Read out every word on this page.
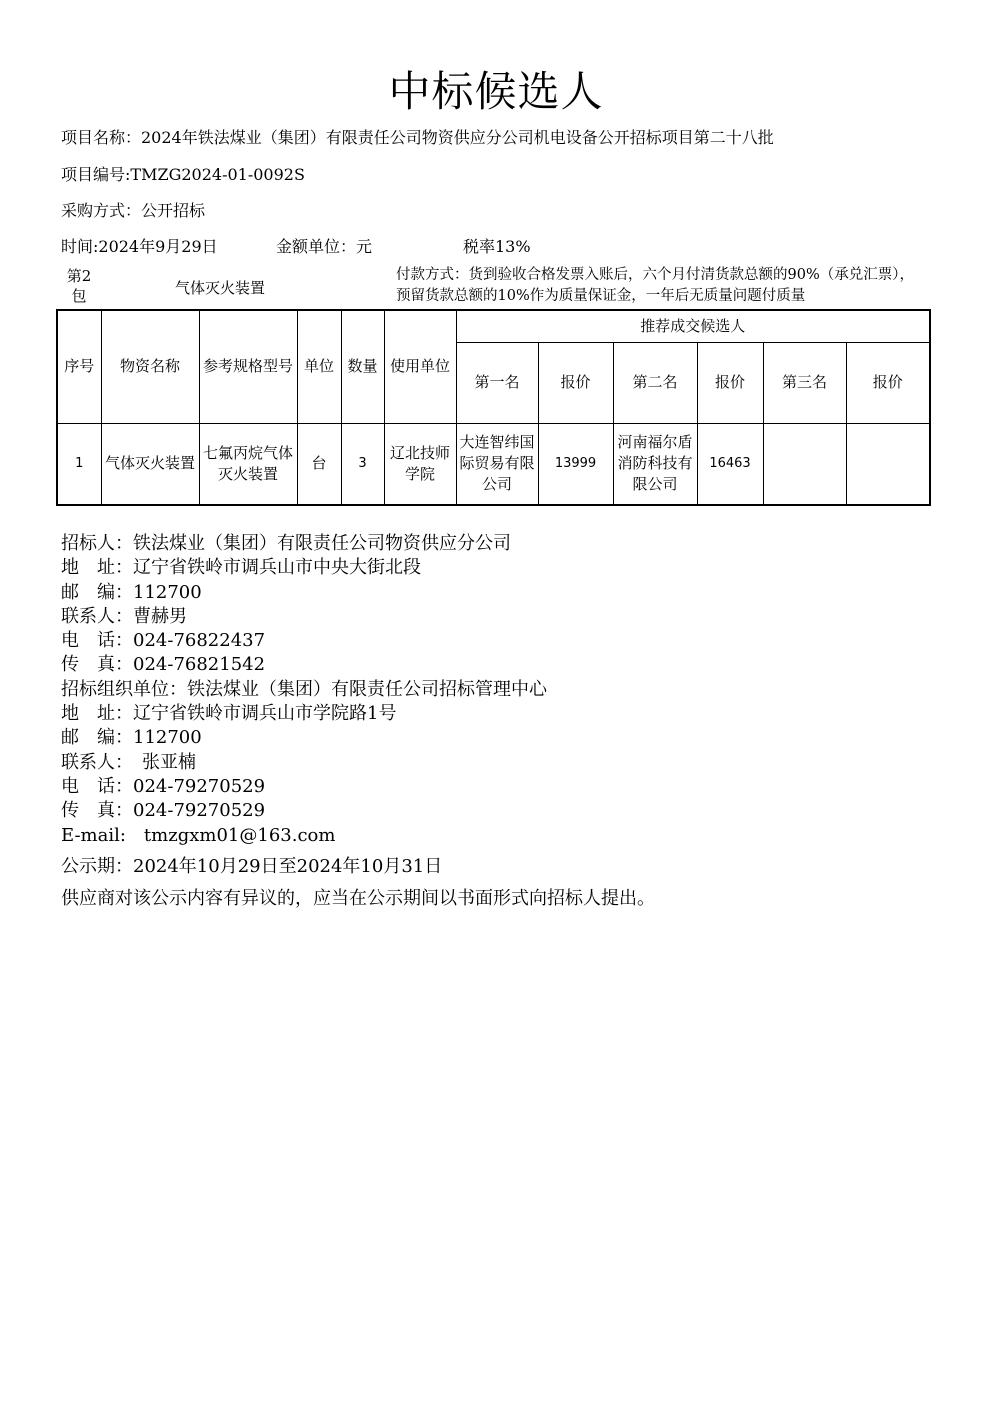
中标候选人
项目名称：2024年铁法煤业（集团）有限责任公司物资供应分公司机电设备公开招标项目第二十八批
项目编号:TMZG2024-01-0092S
采购方式：公开招标
时间:2024年9月29日	金额单位：元	税率13%
第2包	气体灭火装置
付款方式：货到验收合格发票入账后，六个月付清货款总额的90%（承兑汇票），预留货款总额的10%作为质量保证金，一年后无质量问题付质量
序号	物资名称	参考规格型号	单位	数量	使用单位	推荐成交候选人					
						第一名	报价	第二名	报价	第三名	报价
1	气体灭火装置	七氟丙烷气体灭火装置	台	3	辽北技师学院	大连智纬国际贸易有限公司	13999	河南福尔盾消防科技有限公司	16463		
招标人：铁法煤业（集团）有限责任公司物资供应分公司
地　址：辽宁省铁岭市调兵山市中央大街北段
邮　编：112700
联系人：曹赫男
电　话：024-76822437
传　真：024-76821542
招标组织单位：铁法煤业（集团）有限责任公司招标管理中心
地　址：辽宁省铁岭市调兵山市学院路1号
邮　编：112700
联系人：　张亚楠
电　话：024-79270529
传　真：024-79270529
E-mail:　tmzgxm01@163.com
公示期：2024年10月29日至2024年10月31日
供应商对该公示内容有异议的，应当在公示期间以书面形式向招标人提出。
